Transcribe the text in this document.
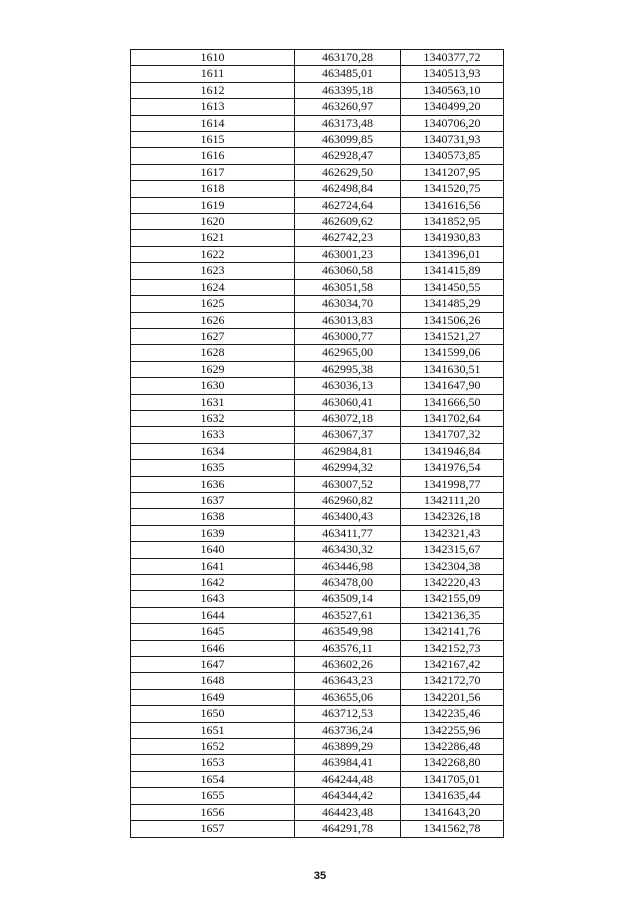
1610	463170,28	1340377,72
1611	463485,01	1340513,93
1612	463395,18	1340563,10
1613	463260,97	1340499,20
1614	463173,48	1340706,20
1615	463099,85	1340731,93
1616	462928,47	1340573,85
1617	462629,50	1341207,95
1618	462498,84	1341520,75
1619	462724,64	1341616,56
1620	462609,62	1341852,95
1621	462742,23	1341930,83
1622	463001,23	1341396,01
1623	463060,58	1341415,89
1624	463051,58	1341450,55
1625	463034,70	1341485,29
1626	463013,83	1341506,26
1627	463000,77	1341521,27
1628	462965,00	1341599,06
1629	462995,38	1341630,51
1630	463036,13	1341647,90
1631	463060,41	1341666,50
1632	463072,18	1341702,64
1633	463067,37	1341707,32
1634	462984,81	1341946,84
1635	462994,32	1341976,54
1636	463007,52	1341998,77
1637	462960,82	1342111,20
1638	463400,43	1342326,18
1639	463411,77	1342321,43
1640	463430,32	1342315,67
1641	463446,98	1342304,38
1642	463478,00	1342220,43
1643	463509,14	1342155,09
1644	463527,61	1342136,35
1645	463549,98	1342141,76
1646	463576,11	1342152,73
1647	463602,26	1342167,42
1648	463643,23	1342172,70
1649	463655,06	1342201,56
1650	463712,53	1342235,46
1651	463736,24	1342255,96
1652	463899,29	1342286,48
1653	463984,41	1342268,80
1654	464244,48	1341705,01
1655	464344,42	1341635,44
1656	464423,48	1341643,20
1657	464291,78	1341562,78
35
